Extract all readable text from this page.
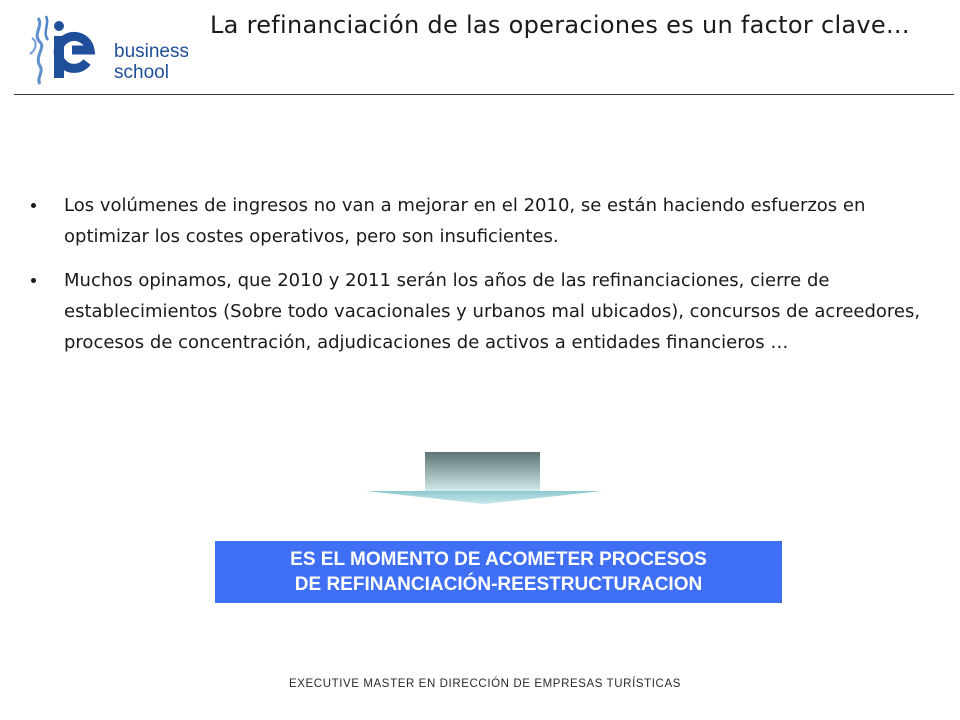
business
school
La refinanciación de las operaciones es un factor clave...
Los volúmenes de ingresos no van a mejorar en el 2010, se están haciendo esfuerzos en optimizar los costes operativos, pero son insuficientes.
Muchos opinamos, que 2010 y 2011 serán los años de las refinanciaciones, cierre de establecimientos (Sobre todo vacacionales y urbanos mal ubicados), concursos de acreedores, procesos de concentración, adjudicaciones de activos a entidades financieros …
ES EL MOMENTO DE ACOMETER PROCESOS
DE REFINANCIACIÓN-REESTRUCTURACION
EXECUTIVE MASTER EN DIRECCIÓN DE EMPRESAS TURÍSTICAS
